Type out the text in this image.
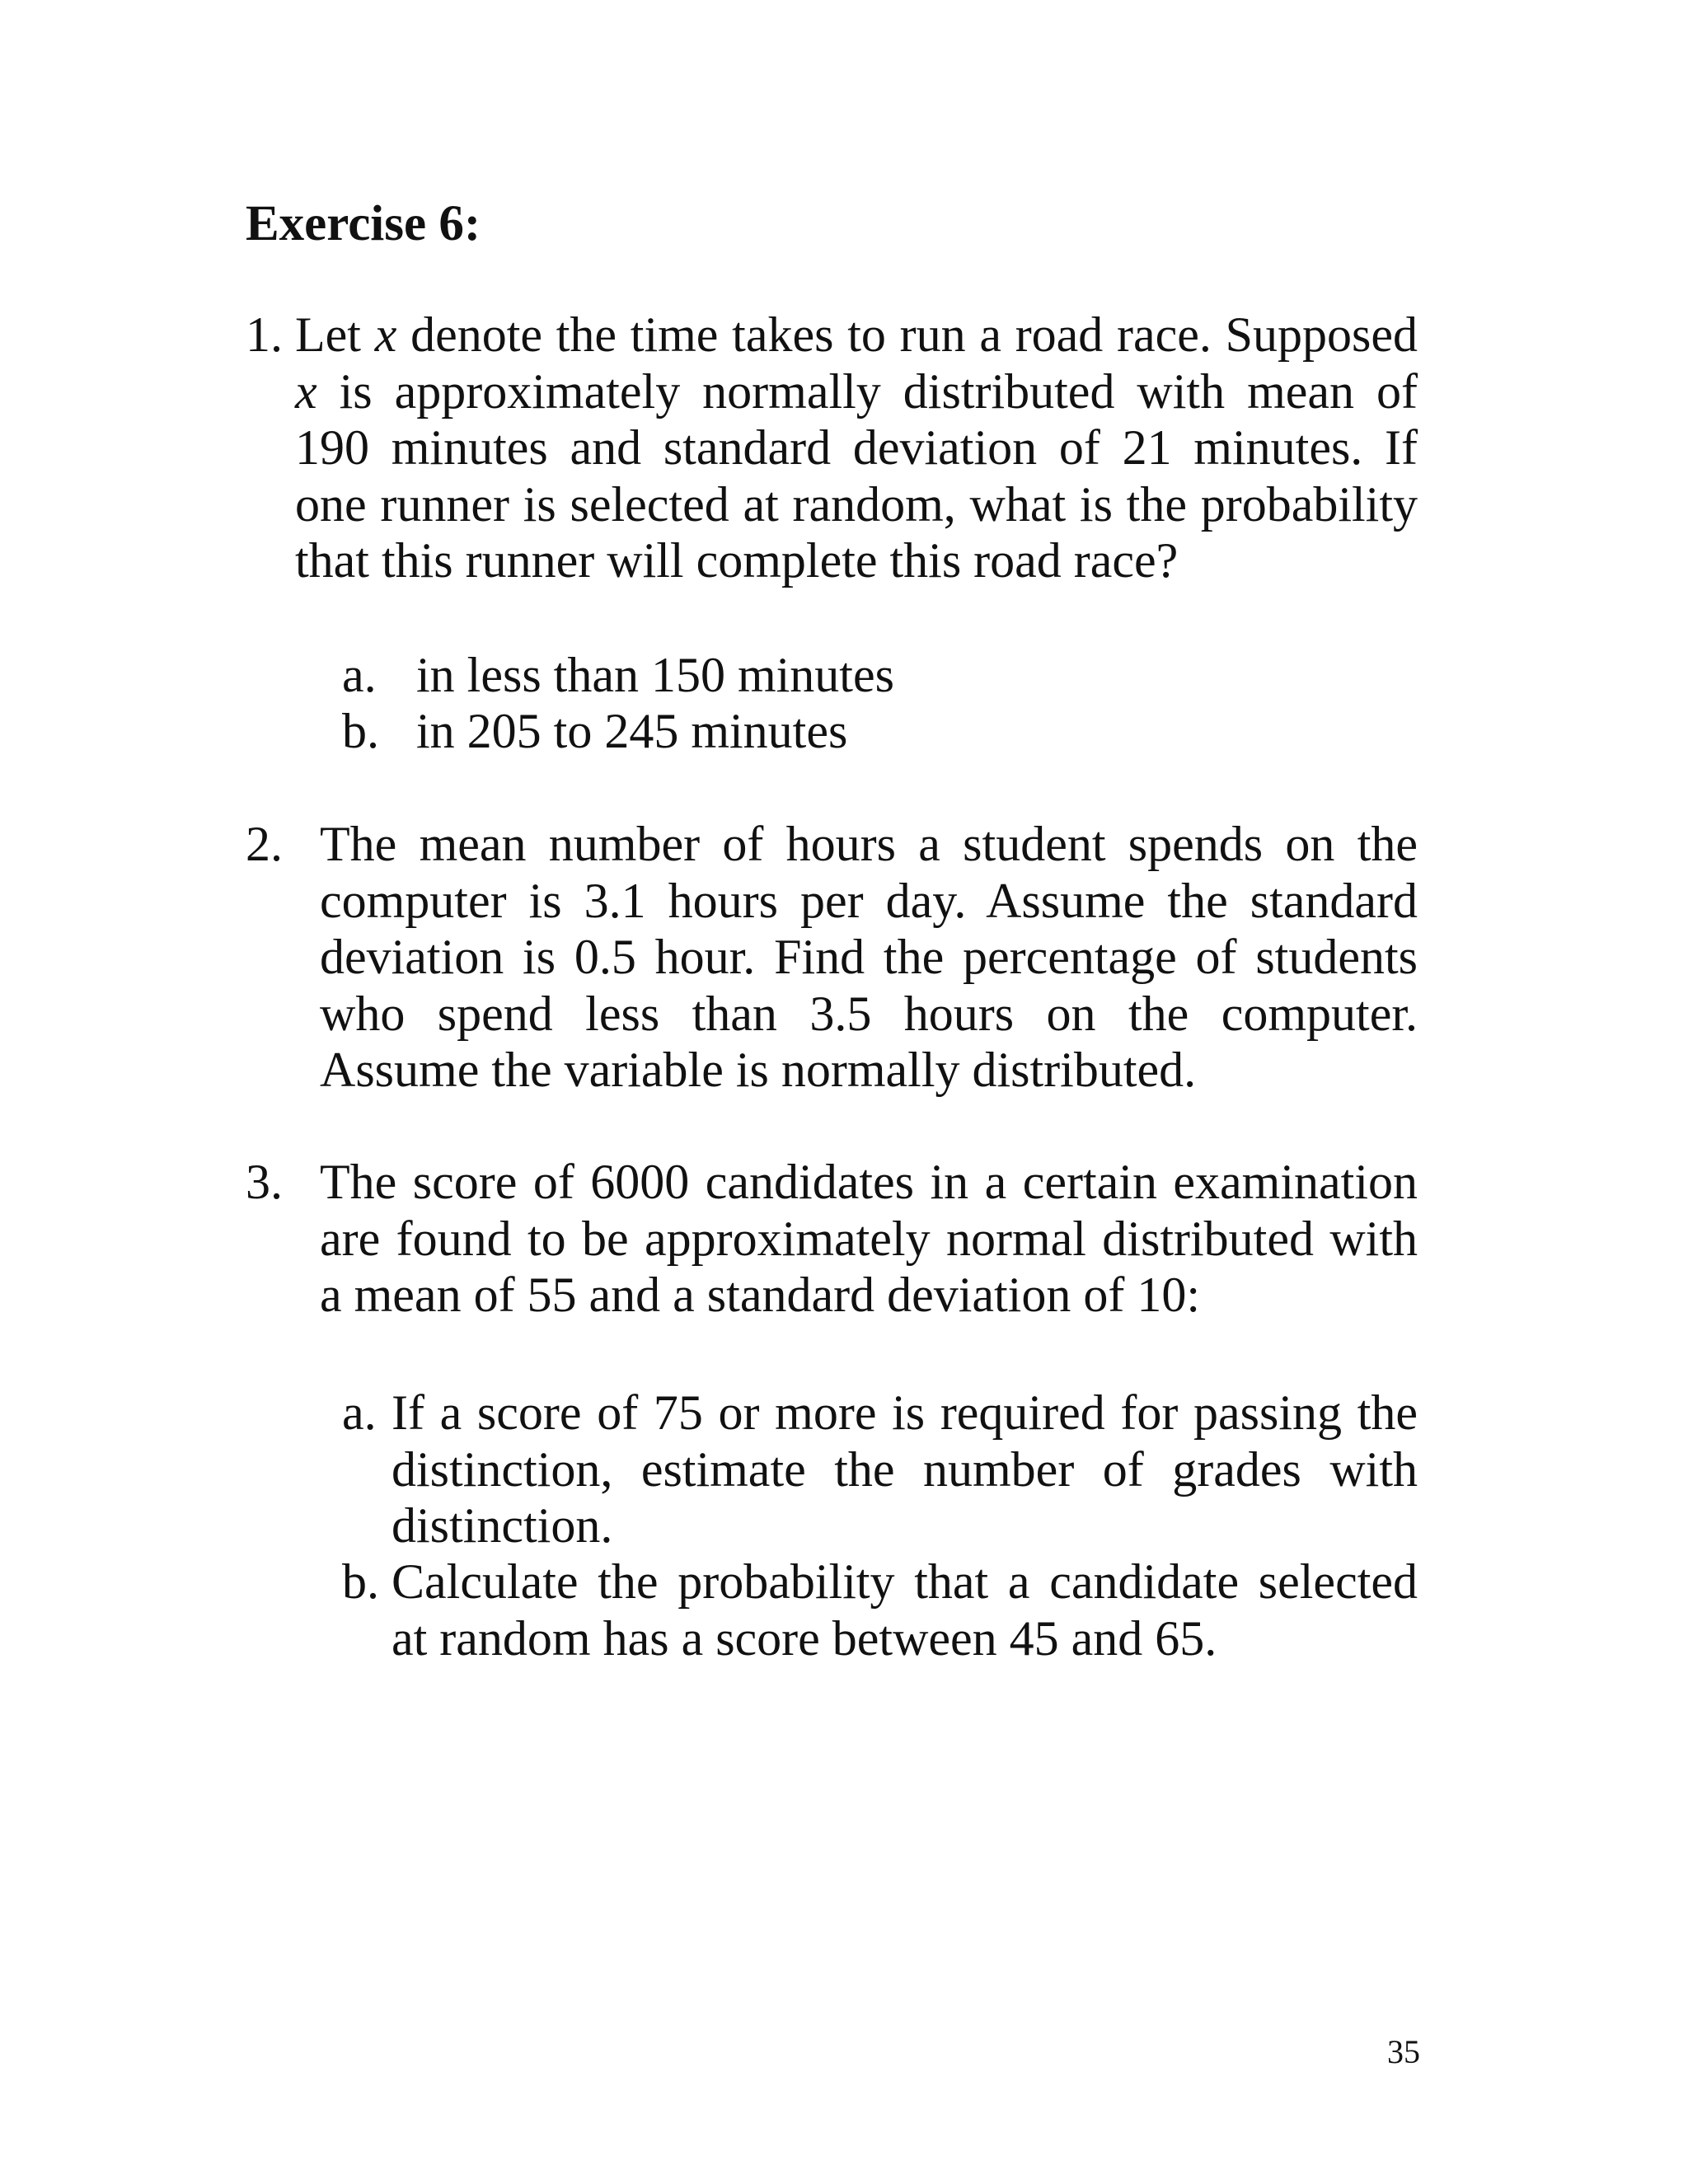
Exercise 6:
1. Let x denote the time takes to run a road race. Supposed x is approximately normally distributed with mean of 190 minutes and standard deviation of 21 minutes. If one runner is selected at random, what is the probability that this runner will complete this road race?
a. in less than 150 minutes
b. in 205 to 245 minutes
2. The mean number of hours a student spends on the computer is 3.1 hours per day. Assume the standard deviation is 0.5 hour. Find the percentage of students who spend less than 3.5 hours on the computer. Assume the variable is normally distributed.
3. The score of 6000 candidates in a certain examination are found to be approximately normal distributed with a mean of 55 and a standard deviation of 10:
a. If a score of 75 or more is required for passing the distinction, estimate the number of grades with distinction.
b. Calculate the probability that a candidate selected at random has a score between 45 and 65.
35
